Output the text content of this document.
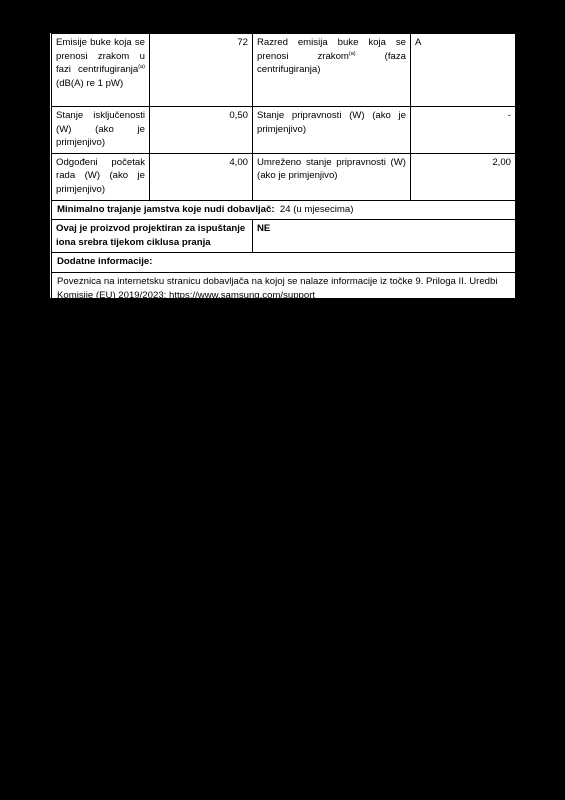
Emisije buke koja se prenosi zrakom u fazi centrifugiranja$^{(a)}$ (dB(A) re 1 pW)	72	Razred emisija buke koja se prenosi zrakom$^{(a)}$ (faza centrifugiranja)	A
Stanje isključenosti (W) (ako je primjenjivo)	0,50	Stanje pripravnosti (W) (ako je primjenjivo)	-
Odgođeni početak rada (W) (ako je primjenjivo)	4,00	Umreženo stanje pripravnosti (W) (ako je primjenjivo)	2,00
Minimalno trajanje jamstva koje nudi dobavljač: 24 (u mjesecima)			
Ovaj je proizvod projektiran za ispuštanje iona srebra tijekom ciklusa pranja		NE	
Dodatne informacije:			
Poveznica na internetsku stranicu dobavljača na kojoj se nalaze informacije iz točke 9. Priloga II. Uredbi Komisije (EU) 2019/2023: https://www.samsung.com/support			
